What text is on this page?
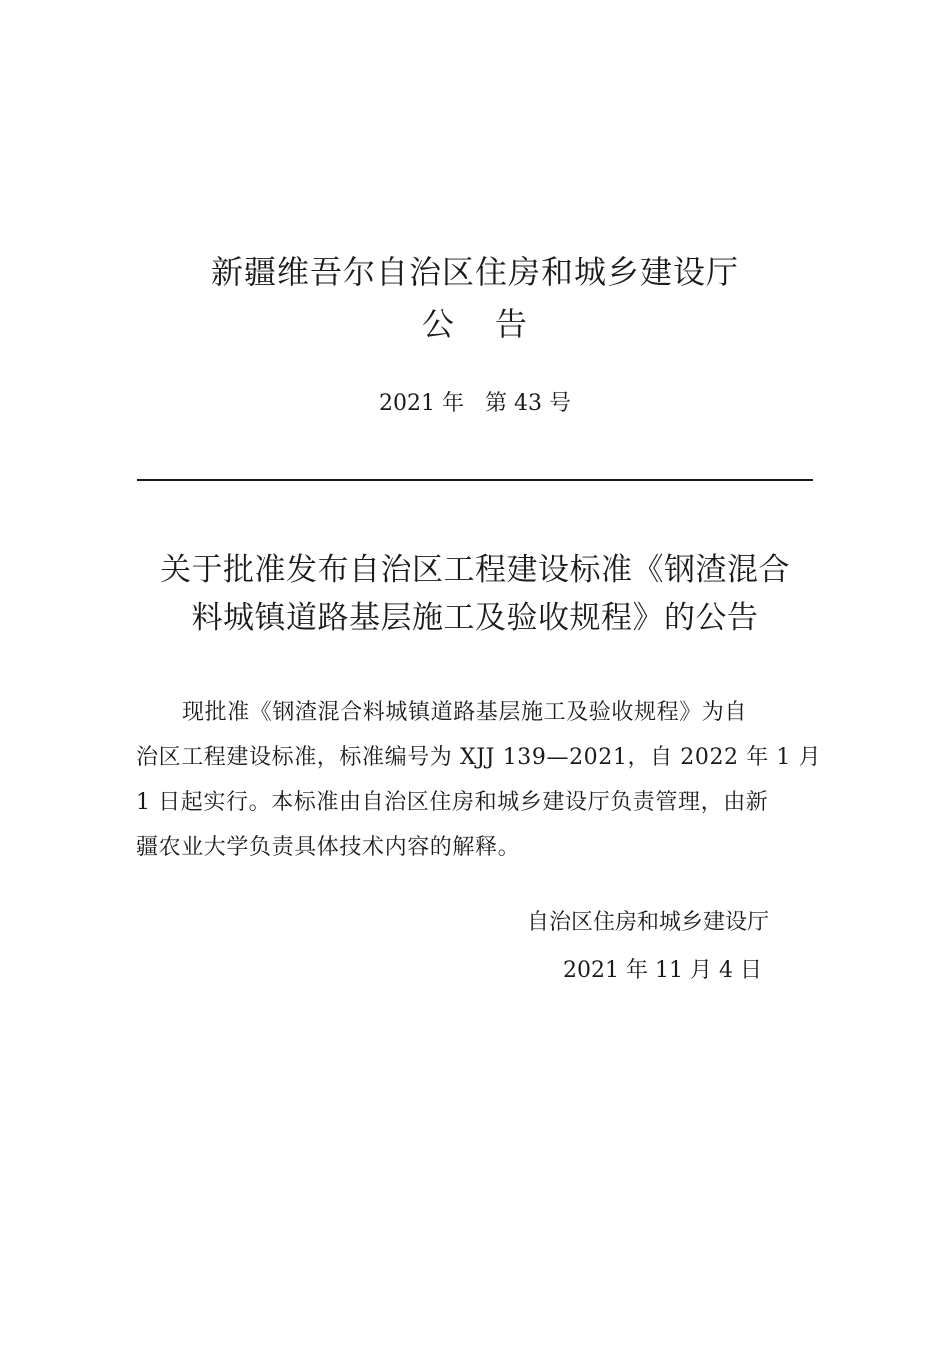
新疆维吾尔自治区住房和城乡建设厅
公 告
2021 年   第 43 号
关于批准发布自治区工程建设标准《钢渣混合
料城镇道路基层施工及验收规程》的公告
现批准《钢渣混合料城镇道路基层施工及验收规程》为自
治区工程建设标准，标准编号为 XJJ 139—2021，自 2022 年 1 月
1 日起实行。本标准由自治区住房和城乡建设厅负责管理，由新
疆农业大学负责具体技术内容的解释。
自治区住房和城乡建设厅
2021 年 11 月 4 日
